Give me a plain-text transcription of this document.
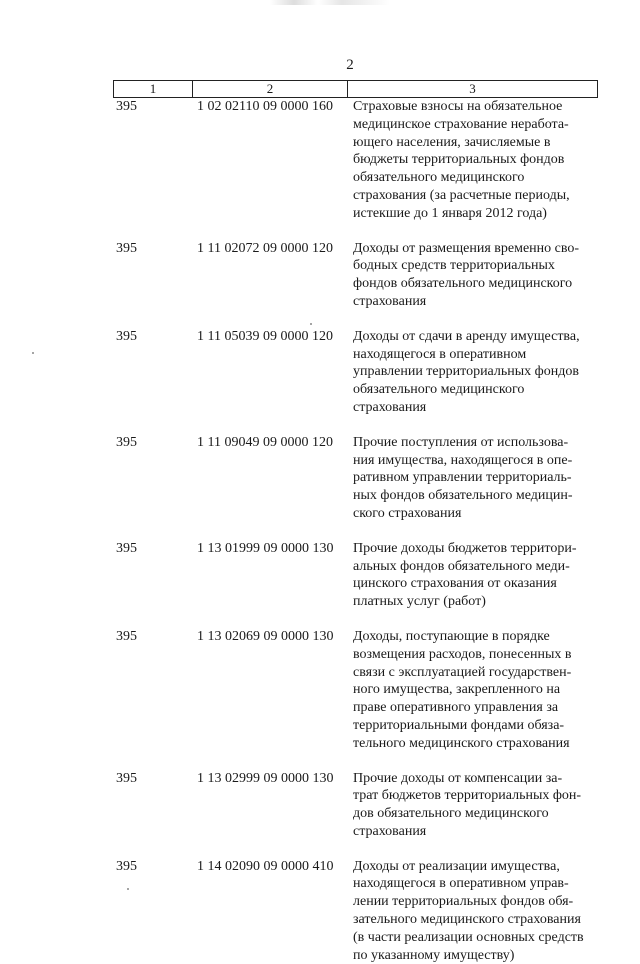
2
1	2	3
395	1 02 02110 09 0000 160	Страховые взносы на обязательное
медицинское страхование неработа-
ющего населения, зачисляемые в
бюджеты территориальных фондов
обязательного медицинского
страхования (за расчетные периоды,
истекшие до 1 января 2012 года)
395	1 11 02072 09 0000 120	Доходы от размещения временно сво-
бодных средств территориальных
фондов обязательного медицинского
страхования
395	1 11 05039 09 0000 120	Доходы от сдачи в аренду имущества,
находящегося в оперативном
управлении территориальных фондов
обязательного медицинского
страхования
395	1 11 09049 09 0000 120	Прочие поступления от использова-
ния имущества, находящегося в опе-
ративном управлении территориаль-
ных фондов обязательного медицин-
ского страхования
395	1 13 01999 09 0000 130	Прочие доходы бюджетов территори-
альных фондов обязательного меди-
цинского страхования от оказания
платных услуг (работ)
395	1 13 02069 09 0000 130	Доходы, поступающие в порядке
возмещения расходов, понесенных в
связи с эксплуатацией государствен-
ного имущества, закрепленного на
праве оперативного управления за
территориальными фондами обяза-
тельного медицинского страхования
395	1 13 02999 09 0000 130	Прочие доходы от компенсации за-
трат бюджетов территориальных фон-
дов обязательного медицинского
страхования
395	1 14 02090 09 0000 410	Доходы от реализации имущества,
находящегося в оперативном управ-
лении территориальных фондов обя-
зательного медицинского страхования
(в части реализации основных средств
по указанному имуществу)
